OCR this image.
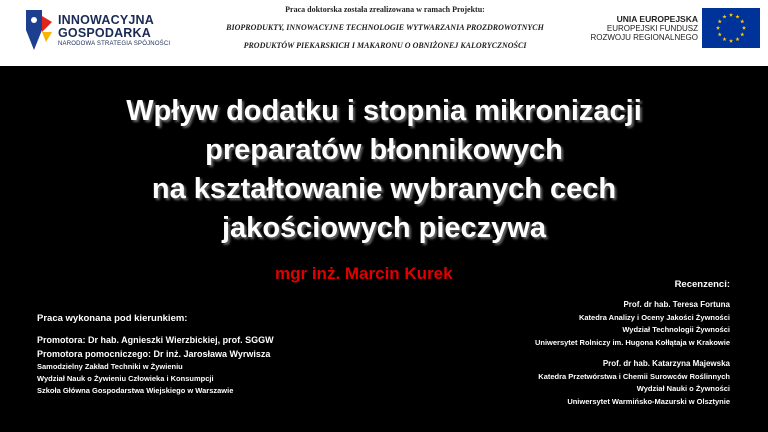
INNOWACYJNA
GOSPODARKA
NARODOWA STRATEGIA SPÓJNOŚCI
Praca doktorska została zrealizowana w ramach Projektu:
BIOPRODUKTY, INNOWACYJNE TECHNOLOGIE WYTWARZANIA PROZDROWOTNYCH
PRODUKTÓW PIEKARSKICH I MAKARONU O OBNIŻONEJ KALORYCZNOŚCI
UNIA EUROPEJSKA
EUROPEJSKI FUNDUSZ
ROZWOJU REGIONALNEGO
Wpływ dodatku i stopnia mikronizacji
preparatów błonnikowych
na kształtowanie wybranych cech
jakościowych pieczywa
mgr inż. Marcin Kurek
Recenzenci:
Praca wykonana pod kierunkiem:
Promotora: Dr hab. Agnieszki Wierzbickiej, prof. SGGW
Promotora pomocniczego: Dr inż. Jarosława Wyrwisza
Samodzielny Zakład Techniki w Żywieniu
Wydział Nauk o Żywieniu Człowieka i Konsumpcji
Szkoła Główna Gospodarstwa Wiejskiego w Warszawie
Prof. dr hab. Teresa Fortuna
Katedra Analizy i Oceny Jakości Żywności
Wydział Technologii Żywności
Uniwersytet Rolniczy im. Hugona Kołłątaja w Krakowie
Prof. dr hab. Katarzyna Majewska
Katedra Przetwórstwa i Chemii Surowców Roślinnych
Wydział Nauki o Żywności
Uniwersytet Warmińsko-Mazurski w Olsztynie
